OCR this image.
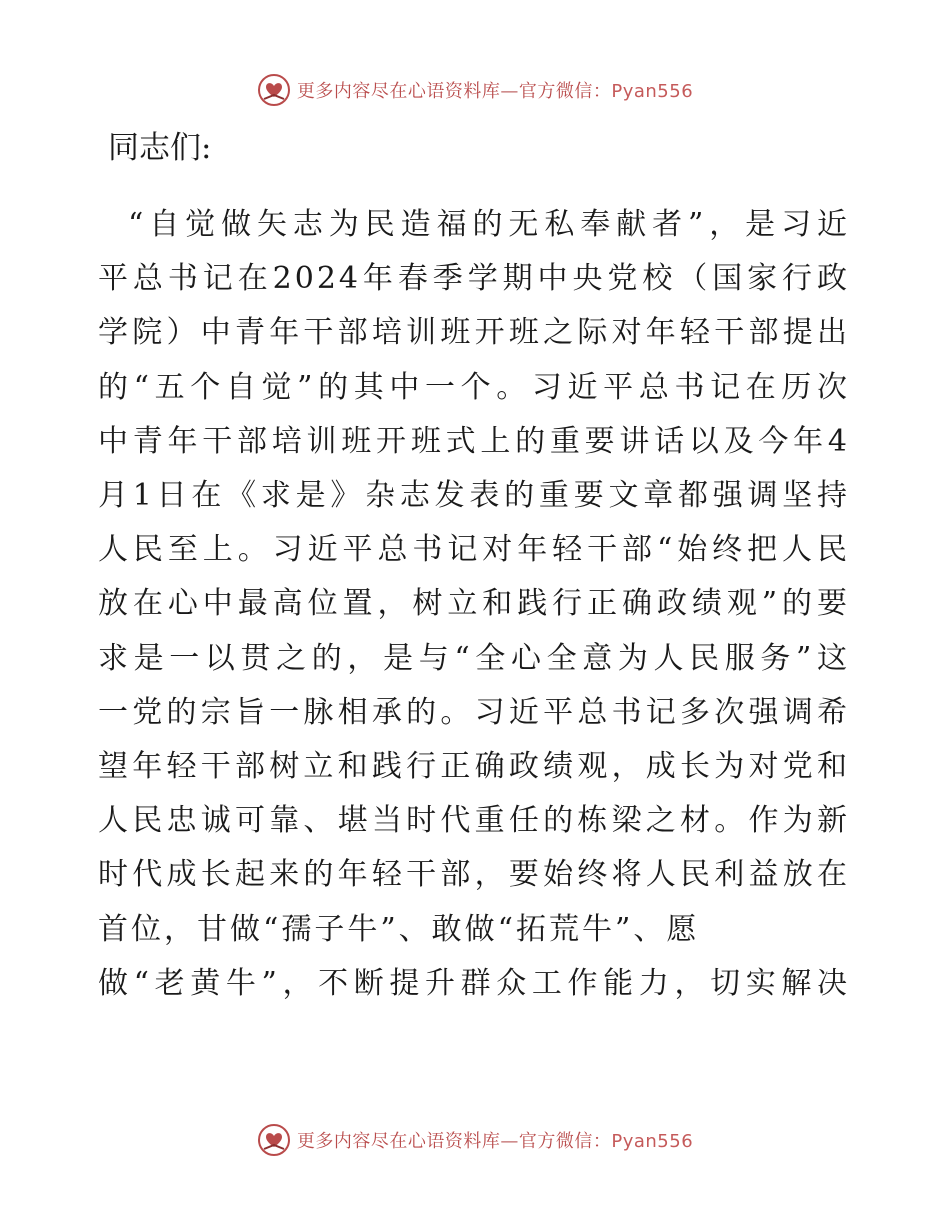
更多内容尽在心语资料库—官方微信：Pyan556

同志们:

“自觉做矢志为民造福的无私奉献者”，是习近
平总书记在2024年春季学期中央党校（国家行政
学院）中青年干部培训班开班之际对年轻干部提出
的“五个自觉”的其中一个。习近平总书记在历次
中青年干部培训班开班式上的重要讲话以及今年4
月1日在《求是》杂志发表的重要文章都强调坚持
人民至上。习近平总书记对年轻干部“始终把人民
放在心中最高位置，树立和践行正确政绩观”的要
求是一以贯之的，是与“全心全意为人民服务”这
一党的宗旨一脉相承的。习近平总书记多次强调希
望年轻干部树立和践行正确政绩观，成长为对党和
人民忠诚可靠、堪当时代重任的栋梁之材。作为新
时代成长起来的年轻干部，要始终将人民利益放在
首位，甘做“孺子牛”、敢做“拓荒牛”、愿
做“老黄牛”，不断提升群众工作能力，切实解决
更多内容尽在心语资料库—官方微信：Pyan556
